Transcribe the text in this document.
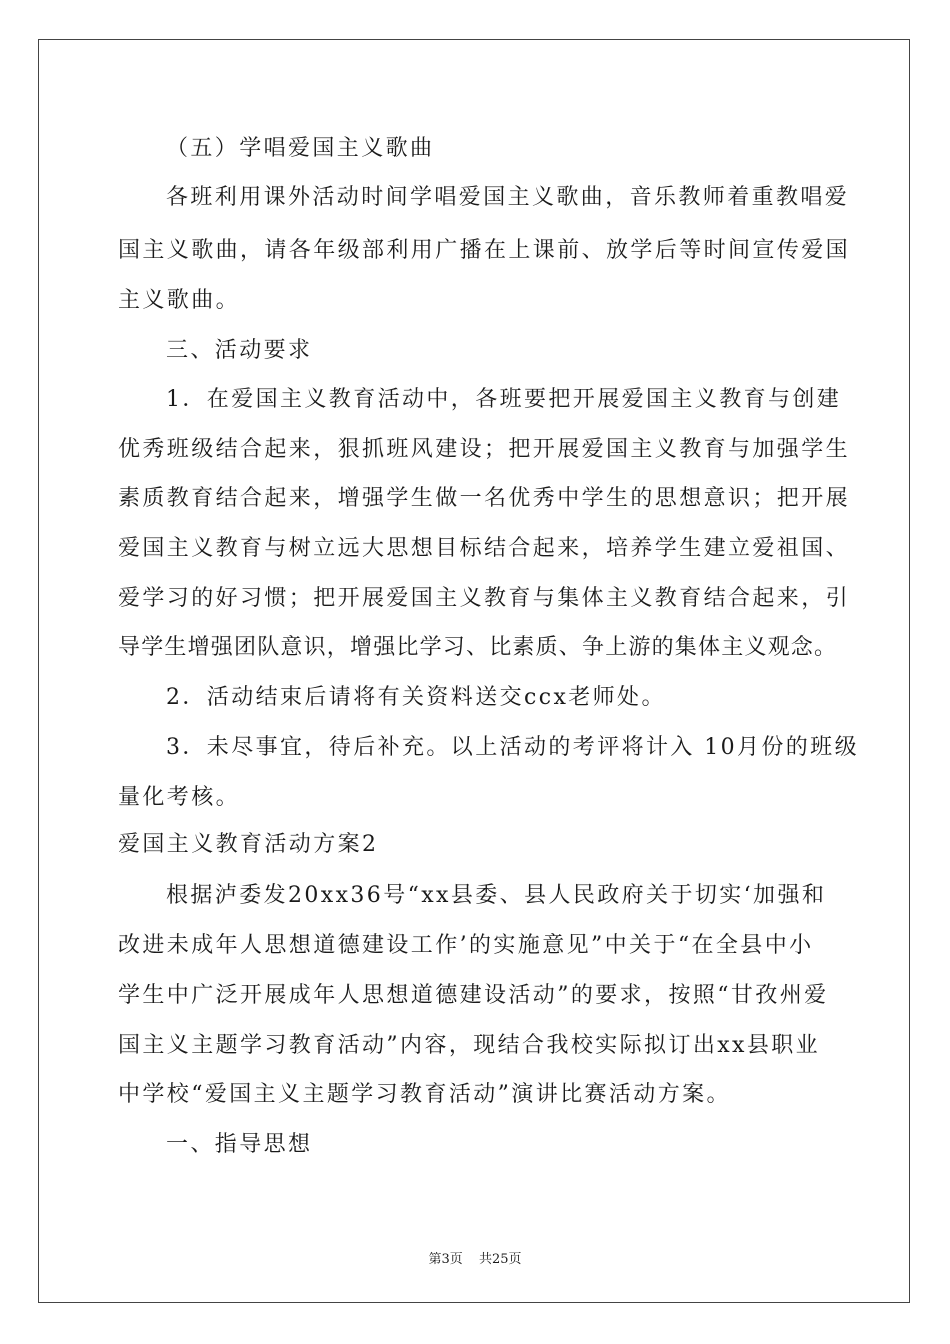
（五）学唱爱国主义歌曲
各班利用课外活动时间学唱爱国主义歌曲，音乐教师着重教唱爱
国主义歌曲，请各年级部利用广播在上课前、放学后等时间宣传爱国
主义歌曲。
三、活动要求
1．在爱国主义教育活动中，各班要把开展爱国主义教育与创建
优秀班级结合起来，狠抓班风建设；把开展爱国主义教育与加强学生
素质教育结合起来，增强学生做一名优秀中学生的思想意识；把开展
爱国主义教育与树立远大思想目标结合起来，培养学生建立爱祖国、
爱学习的好习惯；把开展爱国主义教育与集体主义教育结合起来，引
导学生增强团队意识，增强比学习、比素质、争上游的集体主义观念。
2．活动结束后请将有关资料送交ccx老师处。
3．未尽事宜，待后补充。以上活动的考评将计入 10月份的班级
量化考核。
爱国主义教育活动方案2
根据泸委发20xx36号“xx县委、县人民政府关于切实‘加强和
改进未成年人思想道德建设工作’的实施意见”中关于“在全县中小
学生中广泛开展成年人思想道德建设活动”的要求，按照“甘孜州爱
国主义主题学习教育活动”内容，现结合我校实际拟订出xx县职业
中学校“爱国主义主题学习教育活动”演讲比赛活动方案。
一、指导思想
第3页 共25页
